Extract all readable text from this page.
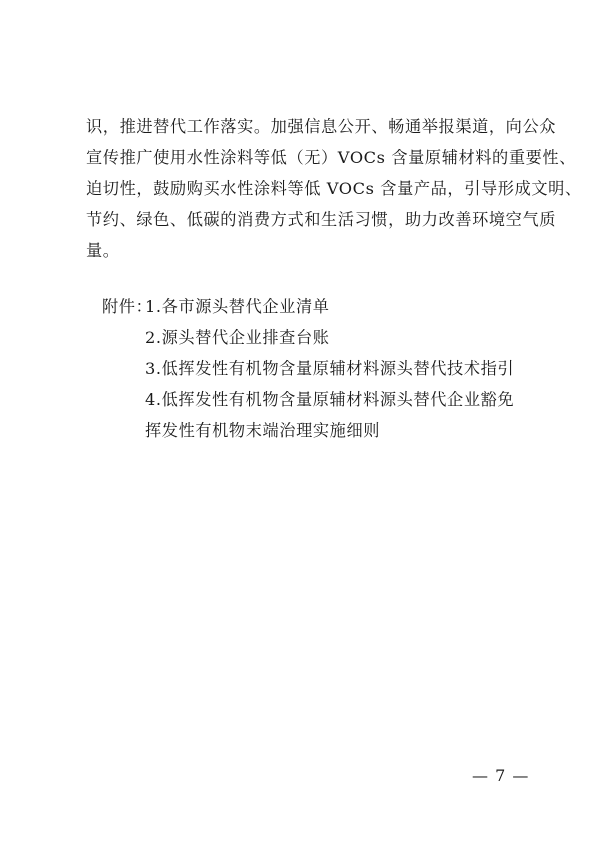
识，推进替代工作落实。加强信息公开、畅通举报渠道，向公众
宣传推广使用水性涂料等低（无）VOCs 含量原辅材料的重要性、
迫切性，鼓励购买水性涂料等低 VOCs 含量产品，引导形成文明、
节约、绿色、低碳的消费方式和生活习惯，助力改善环境空气质
量。
附件：
1.各市源头替代企业清单
2.源头替代企业排查台账
3.低挥发性有机物含量原辅材料源头替代技术指引
4.低挥发性有机物含量原辅材料源头替代企业豁免
挥发性有机物末端治理实施细则
— 7 —
